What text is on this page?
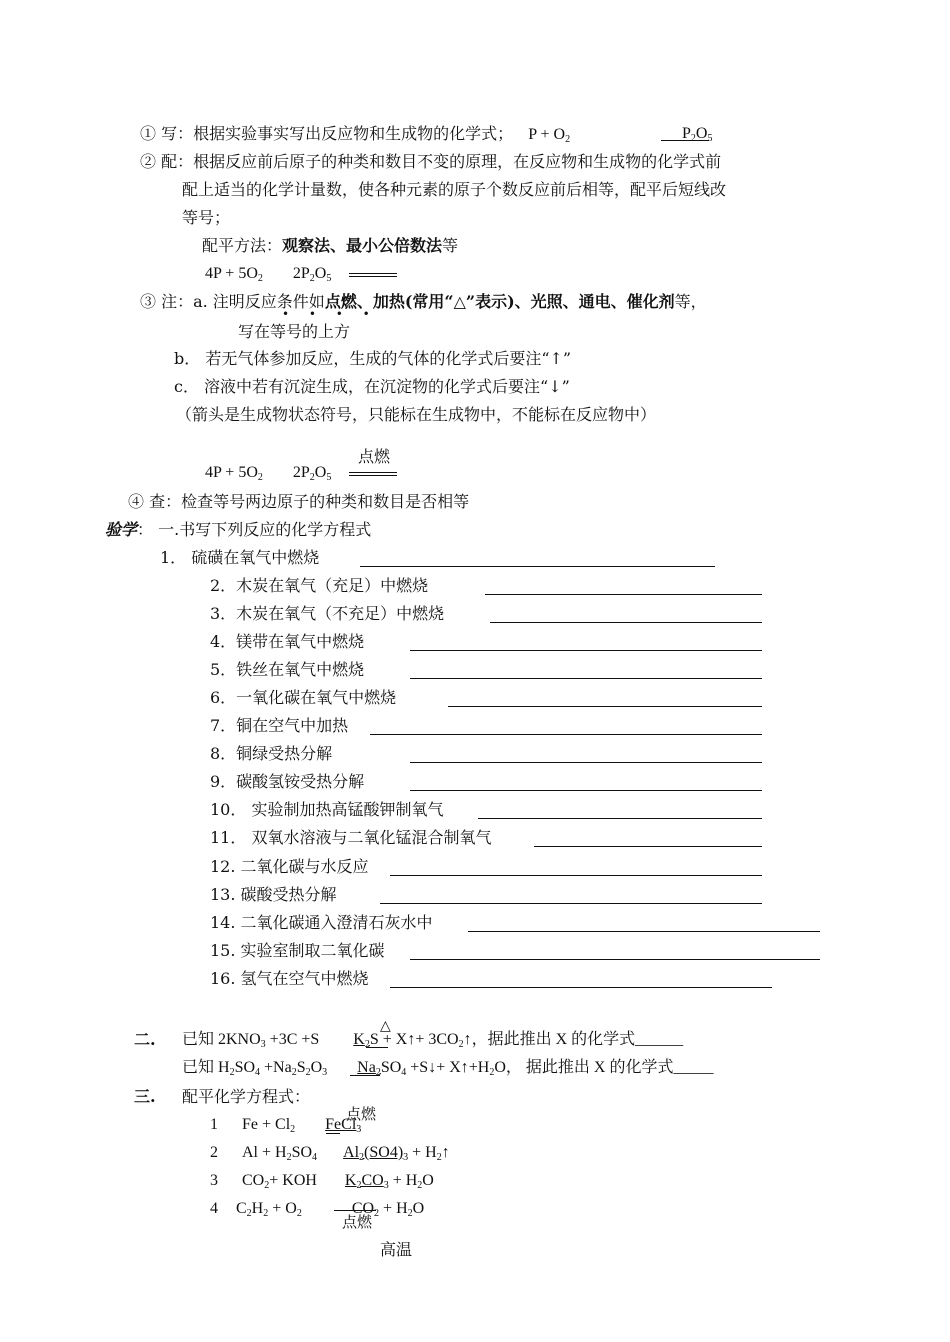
① 写：根据实验事实写出反应物和生成物的化学式； $P + O_2$	$P_2O_5$
② 配：根据反应前后原子的种类和数目不变的原理，在反应物和生成物的化学式前
配上适当的化学计量数，使各种元素的原子个数反应前后相等，配平后短线改
等号；
配平方法：观察法、最小公倍数法等
$4P + 5O_2$ $2P_2O_5$
③ 注：a. 注明反应条件如点燃、加热(常用“△”表示)、光照、通电、催化剂等，
• • • •
写在等号的上方
b． 若无气体参加反应，生成的气体的化学式后要注“↑”
c． 溶液中若有沉淀生成，在沉淀物的化学式后要注“↓”
（箭头是生成物状态符号，只能标在生成物中，不能标在反应物中）
点燃
$4P + 5O_2$ $2P_2O_5$
④ 查：检查等号两边原子的种类和数目是否相等
验学： 一.书写下列反应的化学方程式
1． 硫磺在氧气中燃烧
2．木炭在氧气（充足）中燃烧
3．木炭在氧气（不充足）中燃烧
4．镁带在氧气中燃烧
5．铁丝在氧气中燃烧
6．一氧化碳在氧气中燃烧
7．铜在空气中加热
8．铜绿受热分解
9．碳酸氢铵受热分解
10． 实验制加热高锰酸钾制氧气
11． 双氧水溶液与二氧化锰混合制氧气
12. 二氧化碳与水反应
13. 碳酸受热分解
14. 二氧化碳通入澄清石灰水中
15. 实验室制取二氧化碳
16. 氢气在空气中燃烧
二.
△
已知 $2KNO_3 +3C +S$ $K_2S$ + X↑+ $3CO_2↑$，据此推出 X 的化学式______
已知 $H_2SO_4 +Na_2S_2O_3$ $Na_2SO_4$ +S↓+ $X↑+H_2O$， 据此推出 X 的化学式_____
三. 配平化学方程式：
点燃
1 $Fe + Cl_2$ FeCl$_3$
2 $Al + H_2SO_4$ $Al_2(SO4)_3$ + $H_2↑$
3 $CO_2+$ KOH $K_2CO_3 + H_2O$
4 $C_2H_2 + O_2$	$CO_2 + H_2O$
点燃
高温
